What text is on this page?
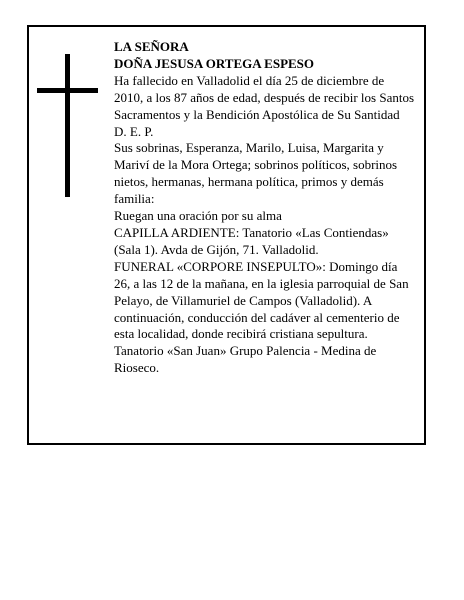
LA SEÑORA

DOÑA JESUSA ORTEGA ESPESO

Ha fallecido en Valladolid el día 25 de diciembre de 2010, a los 87 años de edad, después de recibir los Santos Sacramentos y la Bendición Apostólica de Su Santidad

D. E. P.

Sus sobrinas, Esperanza, Marilo, Luisa, Margarita y Mariví de la Mora Ortega; sobrinos políticos, sobrinos nietos, hermanas, hermana política, primos y demás familia:

Ruegan una oración por su alma

CAPILLA ARDIENTE: Tanatorio «Las Contiendas» (Sala 1). Avda de Gijón, 71. Valladolid.

FUNERAL «CORPORE INSEPULTO»: Domingo día 26, a las 12 de la mañana, en la iglesia parroquial de San Pelayo, de Villamuriel de Campos (Valladolid). A continuación, conducción del cadáver al cementerio de esta localidad, donde recibirá cristiana sepultura.

Tanatorio «San Juan» Grupo Palencia - Medina de Rioseco.
